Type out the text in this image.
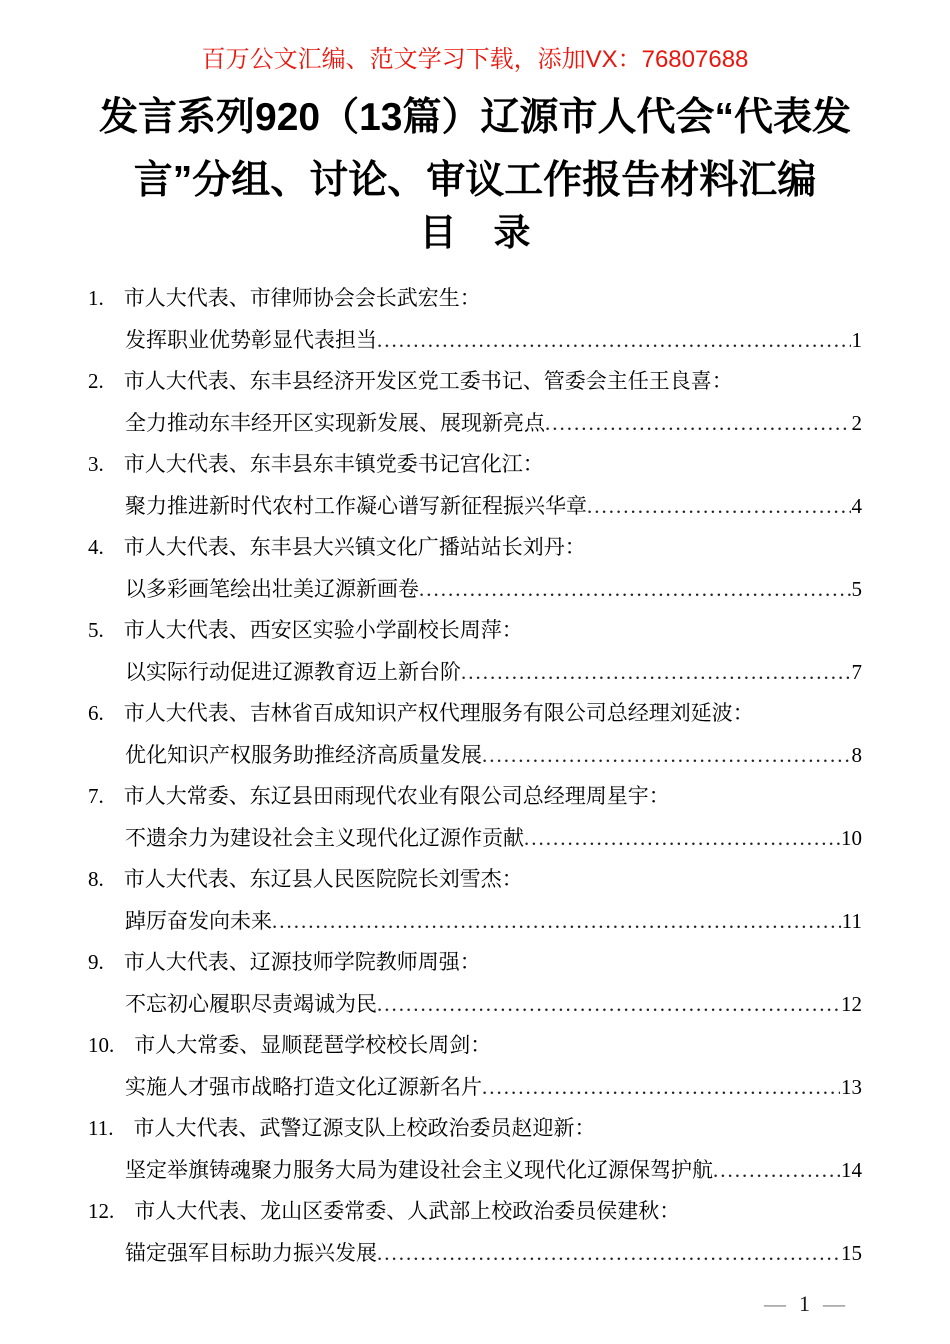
百万公文汇编、范文学习下载，添加VX：76807688
发言系列920（13篇）辽源市人代会“代表发言”分组、讨论、审议工作报告材料汇编
目　录
1. 市人大代表、市律师协会会长武宏生：
发挥职业优势彰显代表担当 .....	1
2. 市人大代表、东丰县经济开发区党工委书记、管委会主任王良喜：
全力推动东丰经开区实现新发展、展现新亮点 .....	2
3. 市人大代表、东丰县东丰镇党委书记宫化江：
聚力推进新时代农村工作凝心谱写新征程振兴华章 .....	4
4. 市人大代表、东丰县大兴镇文化广播站站长刘丹：
以多彩画笔绘出壮美辽源新画卷 .....	5
5. 市人大代表、西安区实验小学副校长周萍：
以实际行动促进辽源教育迈上新台阶 .....	7
6. 市人大代表、吉林省百成知识产权代理服务有限公司总经理刘延波：
优化知识产权服务助推经济高质量发展 .....	8
7. 市人大常委、东辽县田雨现代农业有限公司总经理周星宇：
不遗余力为建设社会主义现代化辽源作贡献 .....	10
8. 市人大代表、东辽县人民医院院长刘雪杰：
踔厉奋发向未来 .....	11
9. 市人大代表、辽源技师学院教师周强：
不忘初心履职尽责竭诚为民 .....	12
10. 市人大常委、显顺琵琶学校校长周剑：
实施人才强市战略打造文化辽源新名片 .....	13
11. 市人大代表、武警辽源支队上校政治委员赵迎新：
坚定举旗铸魂聚力服务大局为建设社会主义现代化辽源保驾护航 .....	14
12. 市人大代表、龙山区委常委、人武部上校政治委员侯建秋：
锚定强军目标助力振兴发展 .....	15
— 1 —
